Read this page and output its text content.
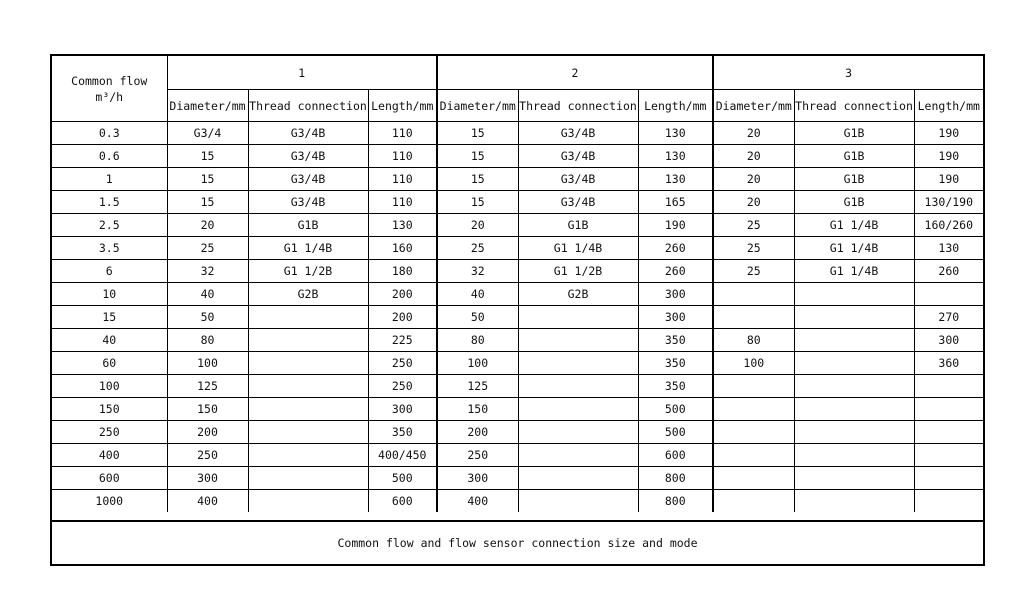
Common flow
m³/h	1			2			3		
	Diameter/mm	Thread connection	Length/mm	Diameter/mm	Thread connection	Length/mm	Diameter/mm	Thread connection	Length/mm
0.3	G3/4	G3/4B	110	15	G3/4B	130	20	G1B	190
0.6	15	G3/4B	110	15	G3/4B	130	20	G1B	190
1	15	G3/4B	110	15	G3/4B	130	20	G1B	190
1.5	15	G3/4B	110	15	G3/4B	165	20	G1B	130/190
2.5	20	G1B	130	20	G1B	190	25	G1 1/4B	160/260
3.5	25	G1 1/4B	160	25	G1 1/4B	260	25	G1 1/4B	130
6	32	G1 1/2B	180	32	G1 1/2B	260	25	G1 1/4B	260
10	40	G2B	200	40	G2B	300			
15	50		200	50		300			270
40	80		225	80		350	80		300
60	100		250	100		350	100		360
100	125		250	125		350			
150	150		300	150		500			
250	200		350	200		500			
400	250		400/450	250		600			
600	300		500	300		800			
1000	400		600	400		800			
Common flow and flow sensor connection size and mode
